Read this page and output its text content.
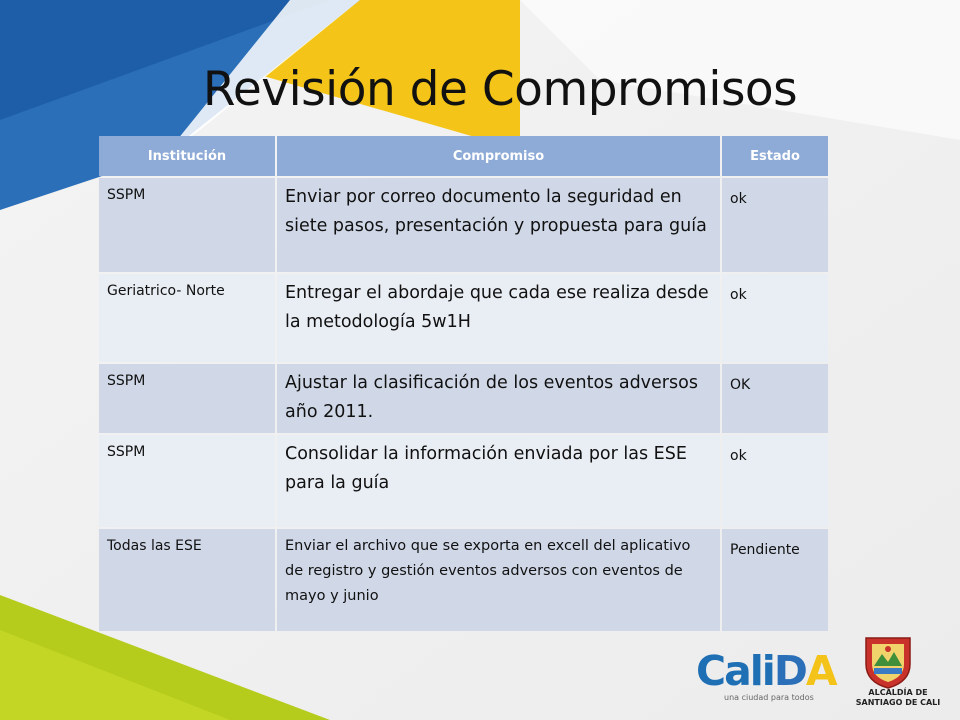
Revisión de Compromisos
Institución	Compromiso	Estado
SSPM	Enviar por correo documento la seguridad en siete pasos, presentación y propuesta para guía	ok
Geriatrico- Norte	Entregar el abordaje que cada ese realiza desde la metodología 5w1H	ok
SSPM	Ajustar la clasificación de los eventos adversos año 2011.	OK
SSPM	Consolidar la información enviada por las ESE para la guía	ok
Todas las ESE	Enviar el archivo que se exporta en excell del aplicativo de registro y gestión eventos adversos con eventos de mayo y junio	Pendiente
CaliDA
una ciudad para todos
ALCALDÍA DE
SANTIAGO DE CALI
